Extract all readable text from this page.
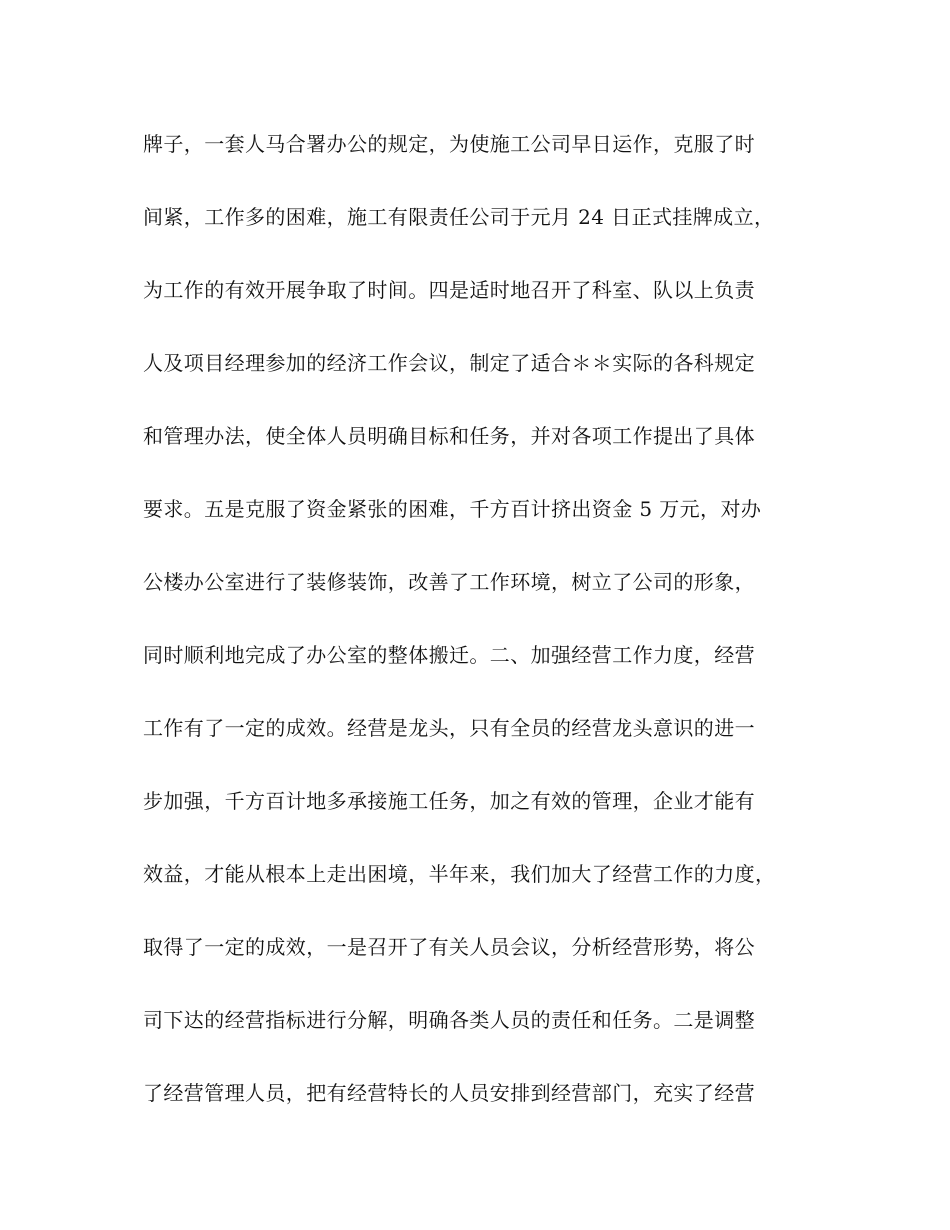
牌子，一套人马合署办公的规定，为使施工公司早日运作，克服了时
间紧，工作多的困难，施工有限责任公司于元月 24 日正式挂牌成立，
为工作的有效开展争取了时间。四是适时地召开了科室、队以上负责
人及项目经理参加的经济工作会议，制定了适合＊＊实际的各科规定
和管理办法，使全体人员明确目标和任务，并对各项工作提出了具体
要求。五是克服了资金紧张的困难，千方百计挤出资金 5 万元，对办
公楼办公室进行了装修装饰，改善了工作环境，树立了公司的形象，
同时顺利地完成了办公室的整体搬迁。二、加强经营工作力度，经营
工作有了一定的成效。经营是龙头，只有全员的经营龙头意识的进一
步加强，千方百计地多承接施工任务，加之有效的管理，企业才能有
效益，才能从根本上走出困境，半年来，我们加大了经营工作的力度，
取得了一定的成效，一是召开了有关人员会议，分析经营形势，将公
司下达的经营指标进行分解，明确各类人员的责任和任务。二是调整
了经营管理人员，把有经营特长的人员安排到经营部门，充实了经营
